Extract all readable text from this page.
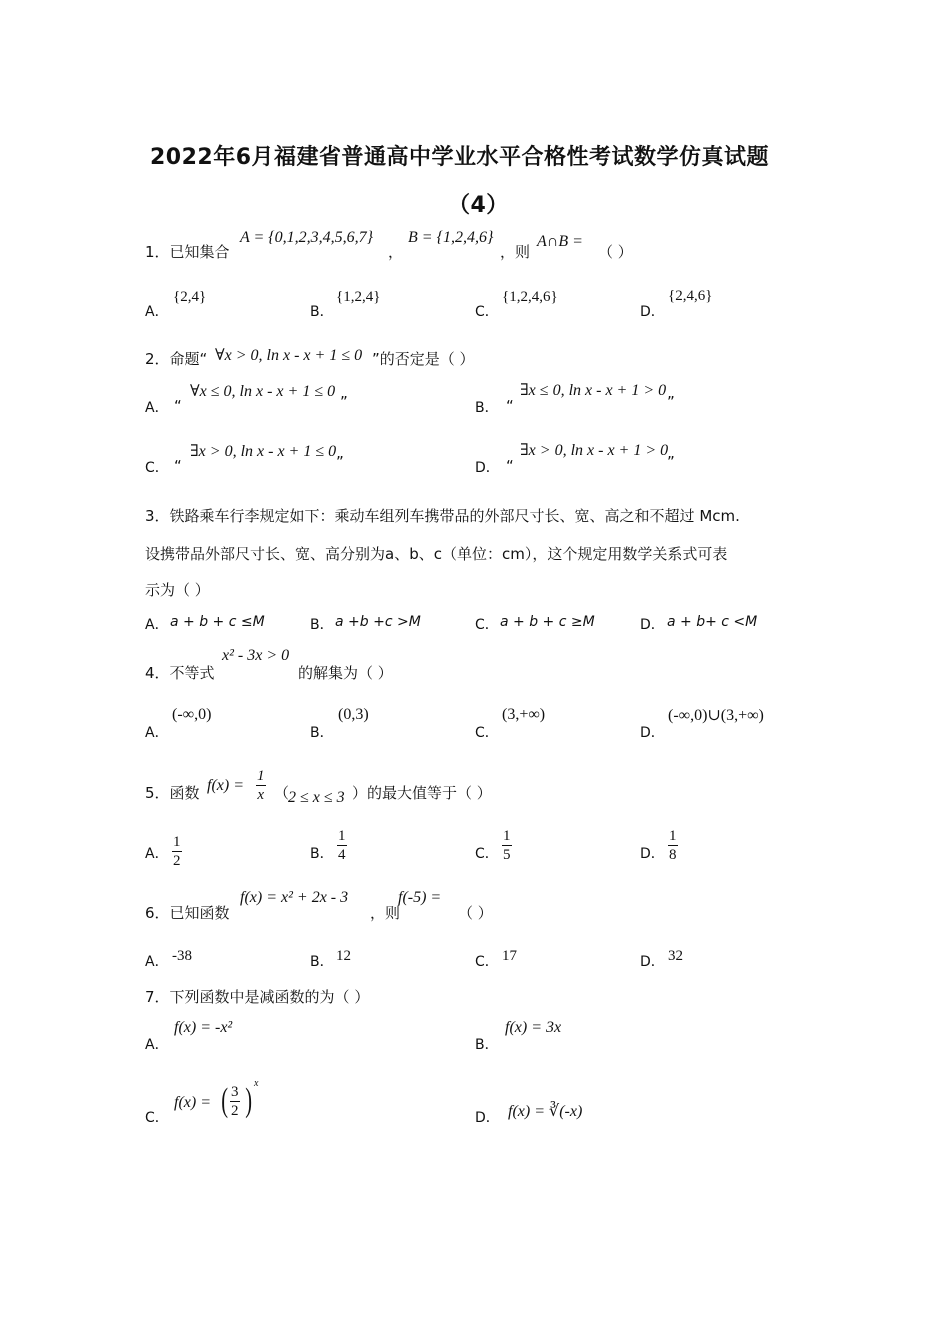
2022年6月福建省普通高中学业水平合格性考试数学仿真试题
（4）
1．已知集合
A = {0,1,2,3,4,5,6,7}
，
B = {1,2,4,6}
，则
A∩B =
（ ）
A．
{2,4}
B．
{1,2,4}
C．
{1,2,4,6}
D．
{2,4,6}
2．命题“ ∀x > 0, ln x - x + 1 ≤ 0 ”的否定是（ ）
A． “
∀x ≤ 0, ln x - x + 1 ≤ 0
”	B． “
∃x ≤ 0, ln x - x + 1 > 0
”
C． “
∃x > 0, ln x - x + 1 ≤ 0
”	D． “
∃x > 0, ln x - x + 1 > 0
”
3．铁路乘车行李规定如下：乘动车组列车携带品的外部尺寸长、宽、高之和不超过 Mcm.
设携带品外部尺寸长、宽、高分别为a、b、c（单位：cm），这个规定用数学关系式可表
示为（ ）
A． a + b + c ≤M	B． a +b +c >M	C． a + b + c ≥M	D． a + b+ c <M
4．不等式
x² - 3x > 0
的解集为（ ）
A．
(-∞,0)
B．
(0,3)
C．
(3,+∞)
D．
(-∞,0)∪(3,+∞)
5．函数 $f(x) = \frac{1}{x}$ （
2 ≤ x ≤ 3 ）的最大值等于（ ）
A． $\frac{1}{2}$	B． $\frac{1}{4}$	C． $\frac{1}{5}$	D． $\frac{1}{8}$
6．已知函数
f(x) = x² + 2x - 3
，则
f(-5) =
（ ）
A． -38	B． 12	C． 17	D． 32
7．下列函数中是减函数的为（ ）
A．
f(x) = -x²
B．
f(x) = 3x
C．
f(x) = ( $\frac{3}{2}$ ) x
D． f(x) = ∛(-x)
